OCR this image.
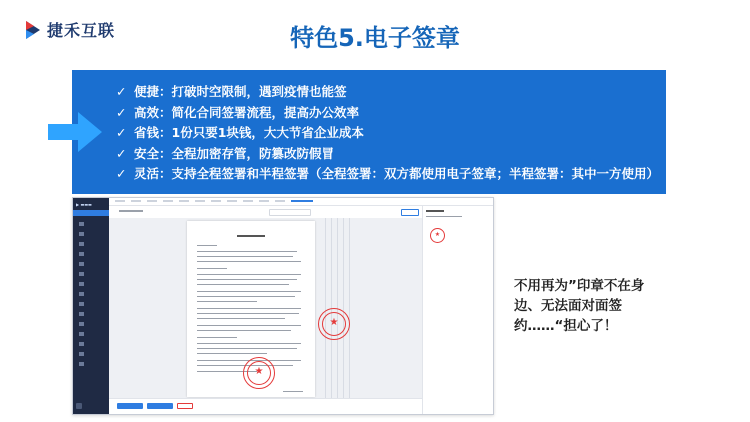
捷禾互联	特色5.电子签章
✓ 便捷：打破时空限制，遇到疫情也能签
✓ 高效：简化合同签署流程，提高办公效率
✓ 省钱：1份只要1块钱，大大节省企业成本
✓ 安全：全程加密存管，防篡改防假冒
✓ 灵活：支持全程签署和半程签署（全程签署：双方都使用电子签章；半程签署：其中一方使用）
▶ ▬▬▬
★
★
★
不用再为”印章不在身边、无法面对面签约……“担心了！
